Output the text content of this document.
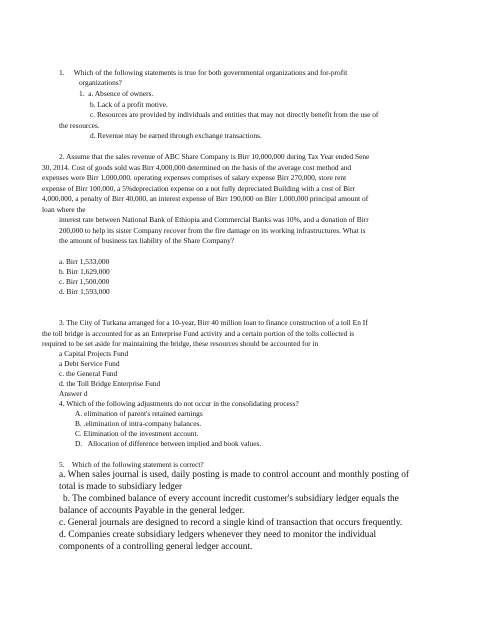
1.     Which of the following statements is true for both governmental organizations and for-profit
organizations?
1.  a. Absence of owners.
b. Lack of a profit motive.
c. Resources are provided by individuals and entities that may not directly benefit from the use of
the resources.
d. Revenue may be earned through exchange transactions.
2. Assume that the sales revenue of ABC Share Company is Birr 10,000,000 during Tax Year ended Sene
30, 2014. Cost of goods sold was Birr 4,000,000 determined on the basis of the average cost method and
expenses were Birr 1,000,000. operating expenses comprises of salary expense Birr 270,000, store rent
expense of Birr 100,000, a 5%depreciation expense on a not fully depreciated Building with a cost of Birr
4,000,000, a penalty of Birr 40,000, an interest expense of Birr 190,000 on Birr 1,000,000 principal amount of
loan where the
interest rate between National Bank of Ethiopia and Commercial Banks was 10%, and a donation of Birr
200,000 to help its sister Company recover from the fire damage on its working infrastructures. What is
the amount of business tax liability of the Share Company?
a. Birr 1,533,000
b. Birr 1,629,000
c. Birr 1,500,000
d. Birr 1,593,000
3. The City of Turkana arranged for a 10-year, Birr 40 million loan to finance construction of a toll En If
the toll bridge is accounted for as an Enterprise Fund activity and a certain portion of the tolls collected is
required to be set aside for maintaining the bridge, these resources should be accounted for in
a Capital Projects Fund
a Debt Service Fund
c. the General Fund
d. the Toll Bridge Enterprise Fund
Answer d
4. Which of the following adjustments do not occur in the consolidating process?
A. elimination of parent's retained earnings
B. .elimination of intra-company balances.
C. Elimination of the investment account.
D.   Allocation of difference between implied and book values.
5.    Which of the following statement is correct?
a. When sales journal is used, daily posting is made to control account and monthly posting of
total is made to subsidiary ledger
b. The combined balance of every account incredit customer's subsidiary ledger equals the
balance of accounts Payable in the general ledger.
c. General journals are designed to record a single kind of transaction that occurs frequently.
d. Companies create subsidiary ledgers whenever they need to monitor the individual
components of a controlling general ledger account.
